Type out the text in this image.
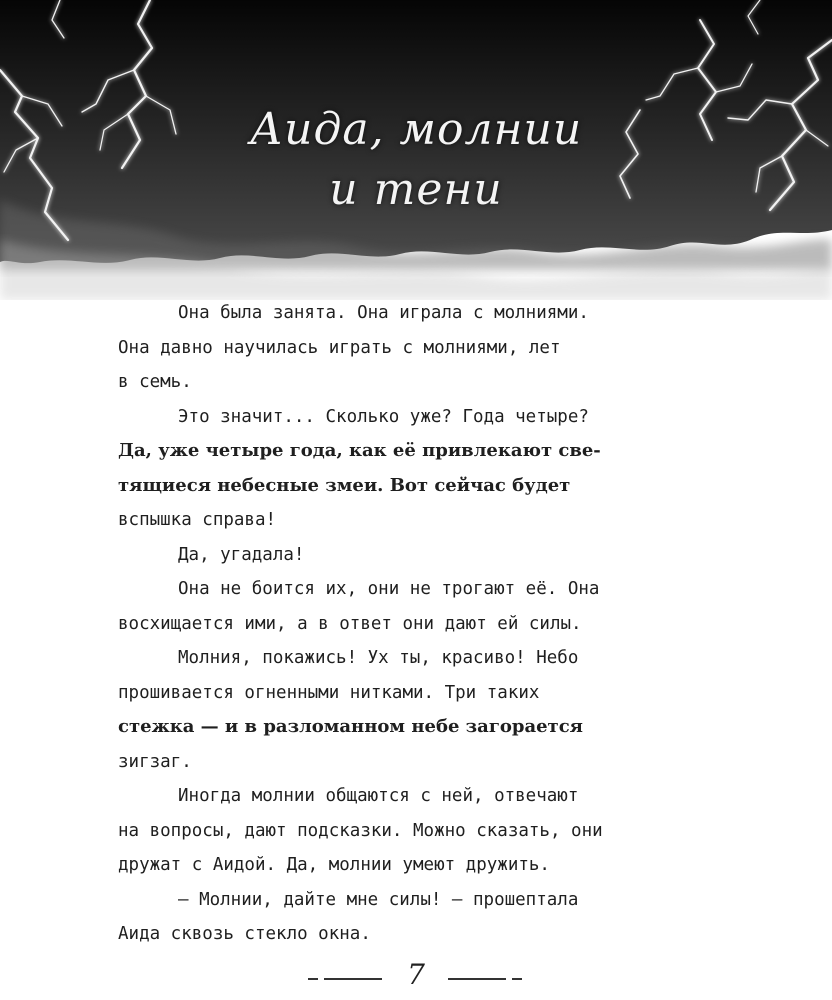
Аида, молнии
и тени
Она была занята. Она играла с молниями.
Она давно научилась играть с молниями, лет
в семь.
Это значит... Сколько уже? Года четыре?
Да, уже четыре года, как её привлекают све-
тящиеся небесные змеи. Вот сейчас будет
вспышка справа!
Да, угадала!
Она не боится их, они не трогают её. Она
восхищается ими, а в ответ они дают ей силы.
Молния, покажись! Ух ты, красиво! Небо
прошивается огненными нитками. Три таких
стежка — и в разломанном небе загорается
зигзаг.
Иногда молнии общаются с ней, отвечают
на вопросы, дают подсказки. Можно сказать, они
дружат с Аидой. Да, молнии умеют дружить.
— Молнии, дайте мне силы! — прошептала
Аида сквозь стекло окна.
7
